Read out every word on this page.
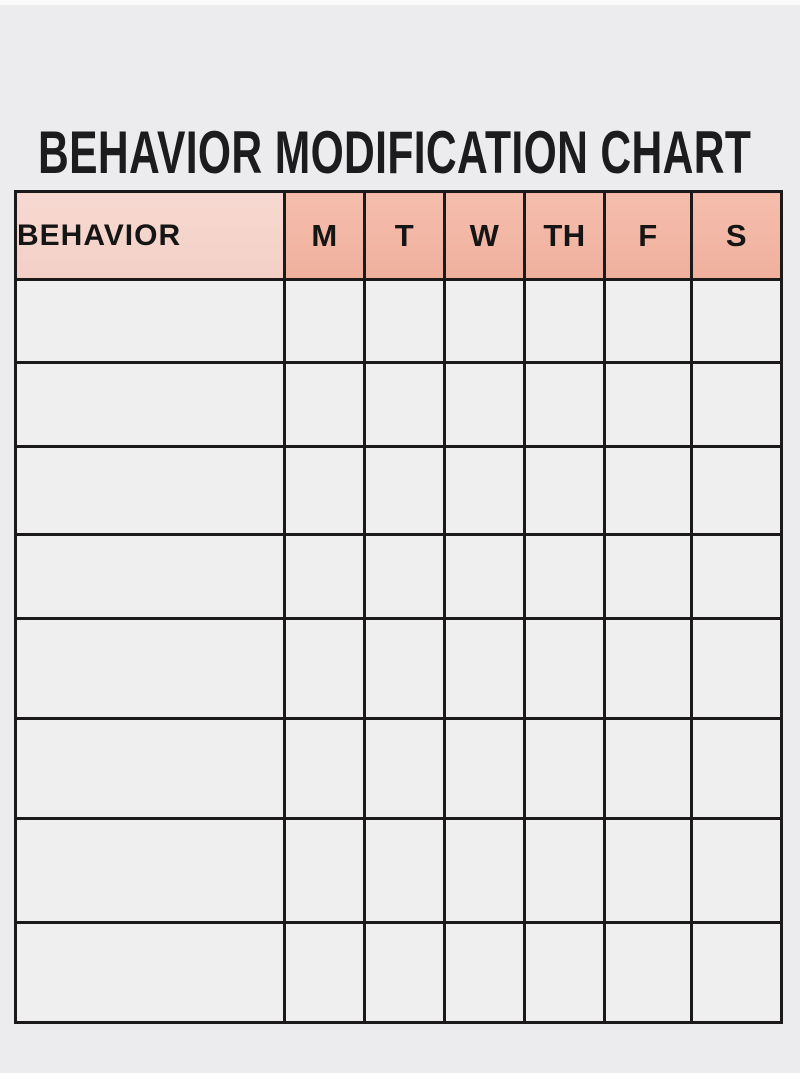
BEHAVIOR MODIFICATION CHART
BEHAVIOR	M	T	W	TH	F	S
